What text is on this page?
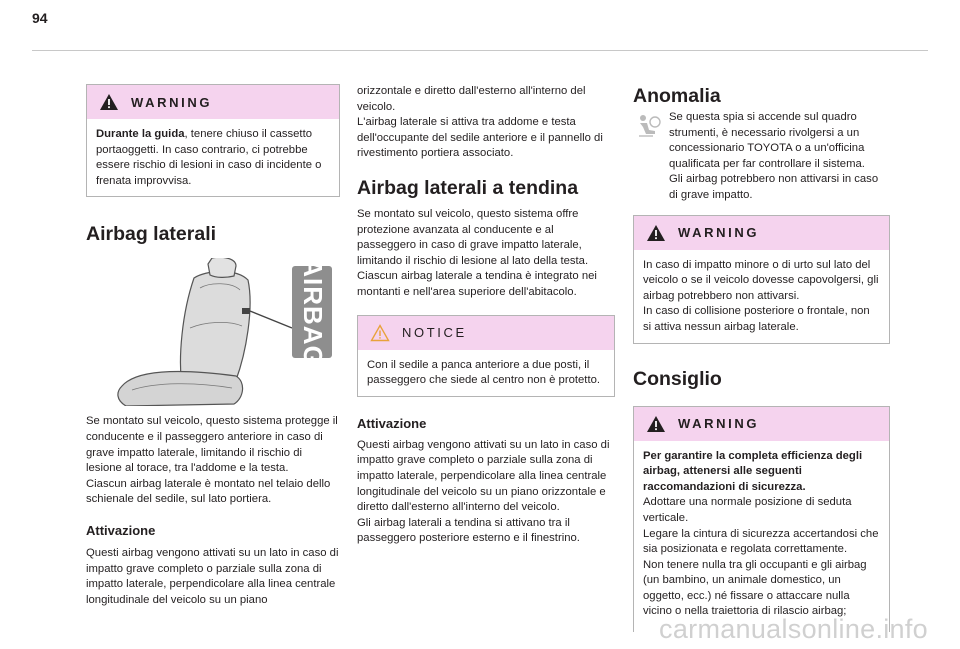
94
WARNING

Durante la guida, tenere chiuso il cassetto portaoggetti. In caso contrario, ci potrebbe essere rischio di lesioni in caso di incidente o frenata improvvisa.

Airbag laterali
AIRBAG

Se montato sul veicolo, questo sistema protegge il conducente e il passeggero anteriore in caso di grave impatto laterale, limitando il rischio di lesione al torace, tra l'addome e la testa.
Ciascun airbag laterale è montato nel telaio dello schienale del sedile, sul lato portiera.

Attivazione

Questi airbag vengono attivati su un lato in caso di impatto grave completo o parziale sulla zona di impatto laterale, perpendicolare alla linea centrale longitudinale del veicolo su un piano

orizzontale e diretto dall'esterno all'interno del veicolo.
L'airbag laterale si attiva tra addome e testa dell'occupante del sedile anteriore e il pannello di rivestimento portiera associato.

Airbag laterali a tendina

Se montato sul veicolo, questo sistema offre protezione avanzata al conducente e al passeggero in caso di grave impatto laterale, limitando il rischio di lesione al lato della testa.
Ciascun airbag laterale a tendina è integrato nei montanti e nell'area superiore dell'abitacolo.

NOTICE

Con il sedile a panca anteriore a due posti, il passeggero che siede al centro non è protetto.

Attivazione

Questi airbag vengono attivati su un lato in caso di impatto grave completo o parziale sulla zona di impatto laterale, perpendicolare alla linea centrale longitudinale del veicolo su un piano orizzontale e diretto dall'esterno all'interno del veicolo.
Gli airbag laterali a tendina si attivano tra il passeggero posteriore esterno e il finestrino.

Anomalia

Se questa spia si accende sul quadro strumenti, è necessario rivolgersi a un concessionario TOYOTA o a un'officina qualificata per far controllare il sistema.
Gli airbag potrebbero non attivarsi in caso di grave impatto.

WARNING

In caso di impatto minore o di urto sul lato del veicolo o se il veicolo dovesse capovolgersi, gli airbag potrebbero non attivarsi.
In caso di collisione posteriore o frontale, non si attiva nessun airbag laterale.

Consiglio
WARNING

Per garantire la completa efficienza degli airbag, attenersi alle seguenti raccomandazioni di sicurezza.

Adottare una normale posizione di seduta verticale.
Legare la cintura di sicurezza accertandosi che sia posizionata e regolata correttamente.
Non tenere nulla tra gli occupanti e gli airbag (un bambino, un animale domestico, un oggetto, ecc.) né fissare o attaccare nulla vicino o nella traiettoria di rilascio airbag;

carmanualsonline.info
